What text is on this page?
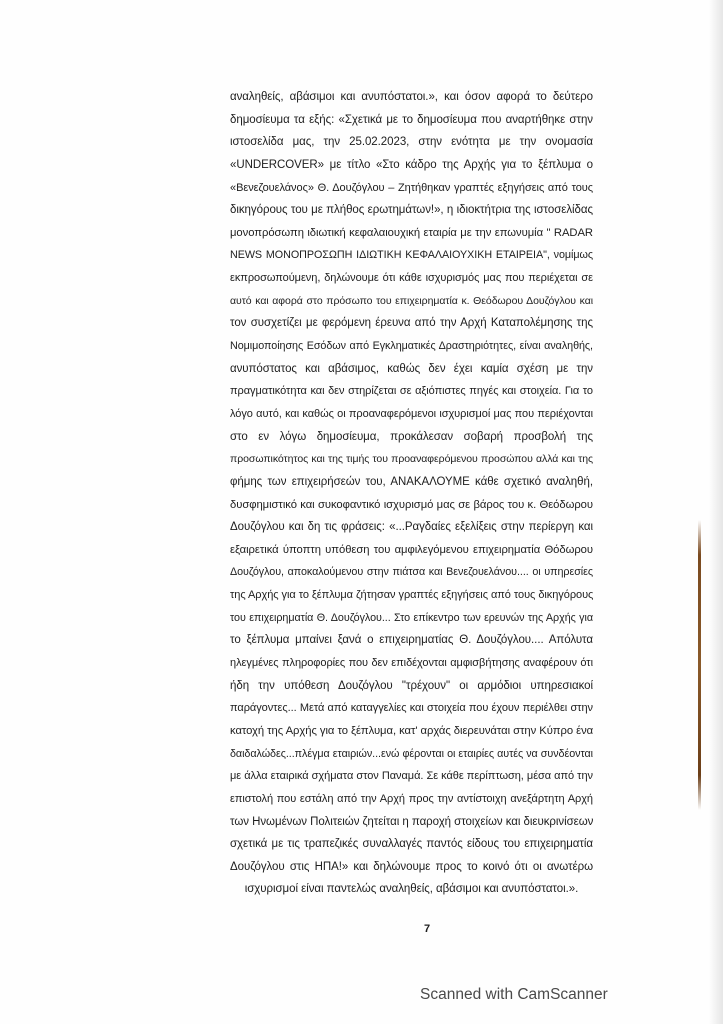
αναληθείς, αβάσιμοι και ανυπόστατοι.», και όσον αφορά το δεύτερο
δημοσίευμα τα εξής: «Σχετικά με το δημοσίευμα που αναρτήθηκε στην
ιστοσελίδα μας, την 25.02.2023, στην ενότητα με την ονομασία
«UNDERCOVER» με τίτλο «Στο κάδρο της Αρχής για το ξέπλυμα ο
«Βενεζουελάνος» Θ. Δουζόγλου – Ζητήθηκαν γραπτές εξηγήσεις από τους
δικηγόρους του με πλήθος ερωτημάτων!», η ιδιοκτήτρια της ιστοσελίδας
μονοπρόσωπη ιδιωτική κεφαλαιουχική εταιρία με την επωνυμία " RADAR
NEWS ΜΟΝΟΠΡΟΣΩΠΗ ΙΔΙΩΤΙΚΗ ΚΕΦΑΛΑΙΟΥΧΙΚΗ ΕΤΑΙΡΕΙΑ", νομίμως
εκπροσωπούμενη, δηλώνουμε ότι κάθε ισχυρισμός μας που περιέχεται σε
αυτό και αφορά στο πρόσωπο του επιχειρηματία κ. Θεόδωρου Δουζόγλου και
τον συσχετίζει με φερόμενη έρευνα από την Αρχή Καταπολέμησης της
Νομιμοποίησης Εσόδων από Εγκληματικές Δραστηριότητες, είναι αναληθής,
ανυπόστατος και αβάσιμος, καθώς δεν έχει καμία σχέση με την
πραγματικότητα και δεν στηρίζεται σε αξιόπιστες πηγές και στοιχεία. Για το
λόγο αυτό, και καθώς οι προαναφερόμενοι ισχυρισμοί μας που περιέχονται
στο εν λόγω δημοσίευμα, προκάλεσαν σοβαρή προσβολή της
προσωπικότητος και της τιμής του προαναφερόμενου προσώπου αλλά και της
φήμης των επιχειρήσεών του, ΑΝΑΚΑΛΟΥΜΕ κάθε σχετικό αναληθή,
δυσφημιστικό και συκοφαντικό ισχυρισμό μας σε βάρος του κ. Θεόδωρου
Δουζόγλου και δη τις φράσεις: «...Ραγδαίες εξελίξεις στην περίεργη και
εξαιρετικά ύποπτη υπόθεση του αμφιλεγόμενου επιχειρηματία Θόδωρου
Δουζόγλου, αποκαλούμενου στην πιάτσα και Βενεζουελάνου.... οι υπηρεσίες
της Αρχής για το ξέπλυμα ζήτησαν γραπτές εξηγήσεις από τους δικηγόρους
του επιχειρηματία Θ. Δουζόγλου... Στο επίκεντρο των ερευνών της Αρχής για
το ξέπλυμα μπαίνει ξανά ο επιχειρηματίας Θ. Δουζόγλου.... Απόλυτα
ηλεγμένες πληροφορίες που δεν επιδέχονται αμφισβήτησης αναφέρουν ότι
ήδη την υπόθεση Δουζόγλου "τρέχουν" οι αρμόδιοι υπηρεσιακοί
παράγοντες... Μετά από καταγγελίες και στοιχεία που έχουν περιέλθει στην
κατοχή της Αρχής για το ξέπλυμα, κατ' αρχάς διερευνάται στην Κύπρο ένα
δαιδαλώδες...πλέγμα εταιριών...ενώ φέρονται οι εταιρίες αυτές να συνδέονται
με άλλα εταιρικά σχήματα στον Παναμά. Σε κάθε περίπτωση, μέσα από την
επιστολή που εστάλη από την Αρχή προς την αντίστοιχη ανεξάρτητη Αρχή
των Ηνωμένων Πολιτειών ζητείται η παροχή στοιχείων και διευκρινίσεων
σχετικά με τις τραπεζικές συναλλαγές παντός είδους του επιχειρηματία
Δουζόγλου στις ΗΠΑ!» και δηλώνουμε προς το κοινό ότι οι ανωτέρω
ισχυρισμοί είναι παντελώς αναληθείς, αβάσιμοι και ανυπόστατοι.».
7
Scanned with CamScanner
